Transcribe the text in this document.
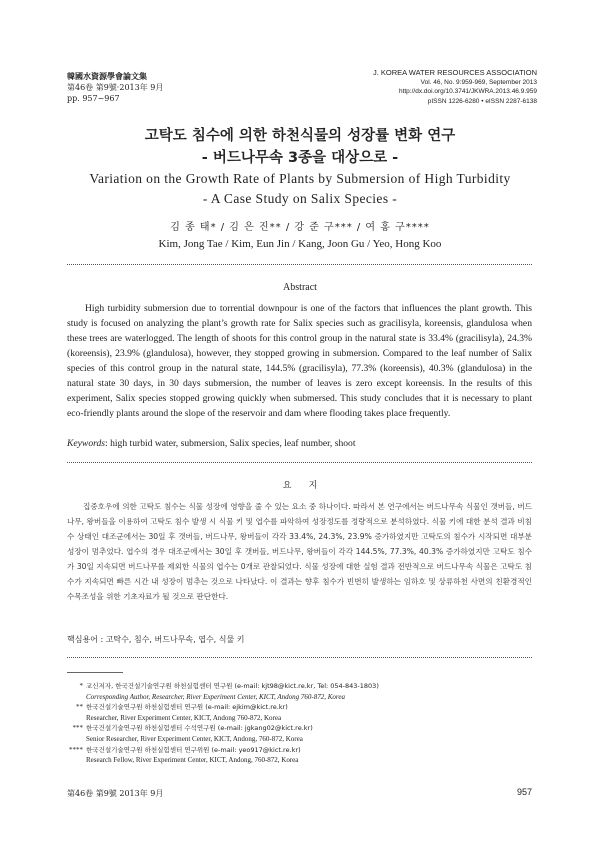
韓國水資源學會論文集
第46卷 第9號·2013年 9月
pp. 957~967
J. KOREA WATER RESOURCES ASSOCIATION
Vol. 46, No. 9:959-969, September 2013
http://dx.doi.org/10.3741/JKWRA.2013.46.9.959
pISSN 1226-6280 • eISSN 2287-6138
고탁도 침수에 의한 하천식물의 성장률 변화 연구
- 버드나무속 3종을 대상으로 -
Variation on the Growth Rate of Plants by Submersion of High Turbidity
- A Case Study on Salix Species -
김 종 태* / 김 은 진** / 강 준 구*** / 여 홍 구****
Kim, Jong Tae / Kim, Eun Jin / Kang, Joon Gu / Yeo, Hong Koo
Abstract
High turbidity submersion due to torrential downpour is one of the factors that influences the plant growth. This study is focused on analyzing the plant’s growth rate for Salix species such as gracilisyla, koreensis, glandulosa when these trees are waterlogged. The length of shoots for this control group in the natural state is 33.4% (gracilisyla), 24.3% (koreensis), 23.9% (glandulosa), however, they stopped growing in submersion. Compared to the leaf number of Salix species of this control group in the natural state, 144.5% (gracilisyla), 77.3% (koreensis), 40.3% (glandulosa) in the natural state 30 days, in 30 days submersion, the number of leaves is zero except koreensis. In the results of this experiment, Salix species stopped growing quickly when submersed. This study concludes that it is necessary to plant eco-friendly plants around the slope of the reservoir and dam where flooding takes place frequently.
Keywords: high turbid water, submersion, Salix species, leaf number, shoot
요      지
집중호우에 의한 고탁도 침수는 식물 성장에 영향을 줄 수 있는 요소 중 하나이다. 따라서 본 연구에서는 버드나무속 식물인 갯버들, 버드나무, 왕버들을 이용하여 고탁도 침수 발생 시 식물 키 및 엽수를 파악하여 성장정도를 정량적으로 분석하였다. 식물 키에 대한 분석 결과 비침수 상태인 대조군에서는 30일 후 갯버들, 버드나무, 왕버들이 각각 33.4%, 24.3%, 23.9% 증가하였지만 고탁도의 침수가 시작되면 대부분 성장이 멈추었다. 엽수의 경우 대조군에서는 30일 후 갯버들, 버드나무, 왕버들이 각각 144.5%, 77.3%, 40.3% 증가하였지만 고탁도 침수가 30일 지속되면 버드나무를 제외한 식물의 엽수는 0개로 관찰되었다. 식물 성장에 대한 실험 결과 전반적으로 버드나무속 식물은 고탁도 침수가 지속되면 빠른 시간 내 성장이 멈추는 것으로 나타났다. 이 결과는 향후 침수가 빈번히 발생하는 임하호 및 상류하천 사면의 친환경적인 수목조성을 위한 기초자료가 될 것으로 판단한다.
핵심용어 : 고탁수, 침수, 버드나무속, 엽수, 식물 키
* 교신저자, 한국건설기술연구원 하천실험센터 연구원 (e-mail: kjt98@kict.re.kr, Tel: 054-843-1803)
Corresponding Author, Researcher, River Experiment Center, KICT, Andong 760-872, Korea
** 한국건설기술연구원 하천실험센터 연구원 (e-mail: ejkim@kict.re.kr)
Researcher, River Experiment Center, KICT, Andong 760-872, Korea
*** 한국건설기술연구원 하천실험센터 수석연구원 (e-mail: jgkang02@kict.re.kr)
Senior Researcher, River Experiment Center, KICT, Andong, 760-872, Korea
**** 한국건설기술연구원 하천실험센터 연구위원 (e-mail: yeo917@kict.re.kr)
Research Fellow, River Experiment Center, KICT, Andong, 760-872, Korea
第46卷 第9號 2013年 9月	957
